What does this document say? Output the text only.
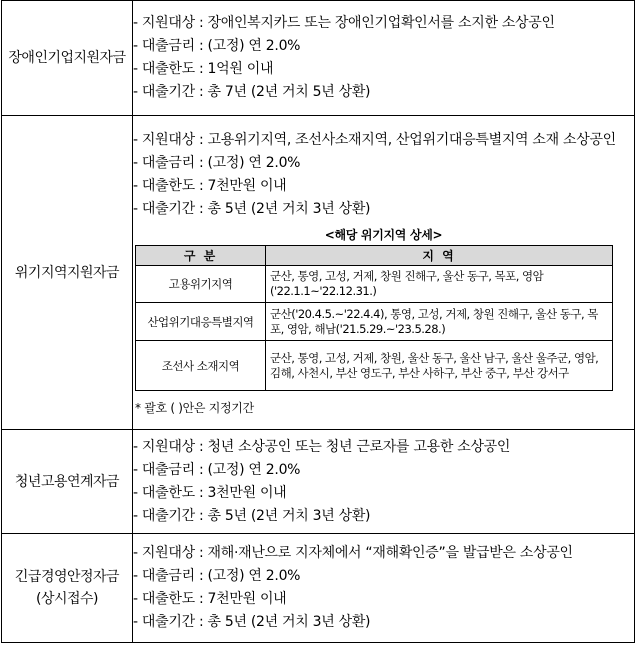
장애인기업지원자금	
- 지원대상 : 장애인복지카드 또는 장애인기업확인서를 소지한 소상공인
- 대출금리 : (고정) 연 2.0%
- 대출한도 : 1억원 이내
- 대출기간 : 총 7년 (2년 거치 5년 상환)

위기지역지원자금	
- 지원대상 : 고용위기지역, 조선사소재지역, 산업위기대응특별지역 소재 소상공인
- 대출금리 : (고정) 연 2.0%
- 대출한도 : 7천만원 이내
- 대출기간 : 총 5년 (2년 거치 3년 상환)
<해당 위기지역 상세>
구 분	지 역
고용위기지역	군산, 통영, 고성, 거제, 창원 진해구, 울산 동구, 목포, 영암('22.1.1~'22.12.31.)
산업위기대응특별지역	군산('20.4.5.~'22.4.4), 통영, 고성, 거제, 창원 진해구, 울산 동구, 목포, 영암, 해남('21.5.29.~'23.5.28.)
조선사 소재지역	군산, 통영, 고성, 거제, 창원, 울산 동구, 울산 남구, 울산 울주군, 영암, 김해, 사천시, 부산 영도구, 부산 사하구, 부산 중구, 부산 강서구
* 괄호 ( )안은 지정기간

청년고용연계자금	
- 지원대상 : 청년 소상공인 또는 청년 근로자를 고용한 소상공인
- 대출금리 : (고정) 연 2.0%
- 대출한도 : 3천만원 이내
- 대출기간 : 총 5년 (2년 거치 3년 상환)

긴급경영안정자금
(상시접수)

- 지원대상 : 재해·재난으로 지자체에서 “재해확인증”을 발급받은 소상공인
- 대출금리 : (고정) 연 2.0%
- 대출한도 : 7천만원 이내
- 대출기간 : 총 5년 (2년 거치 3년 상환)
